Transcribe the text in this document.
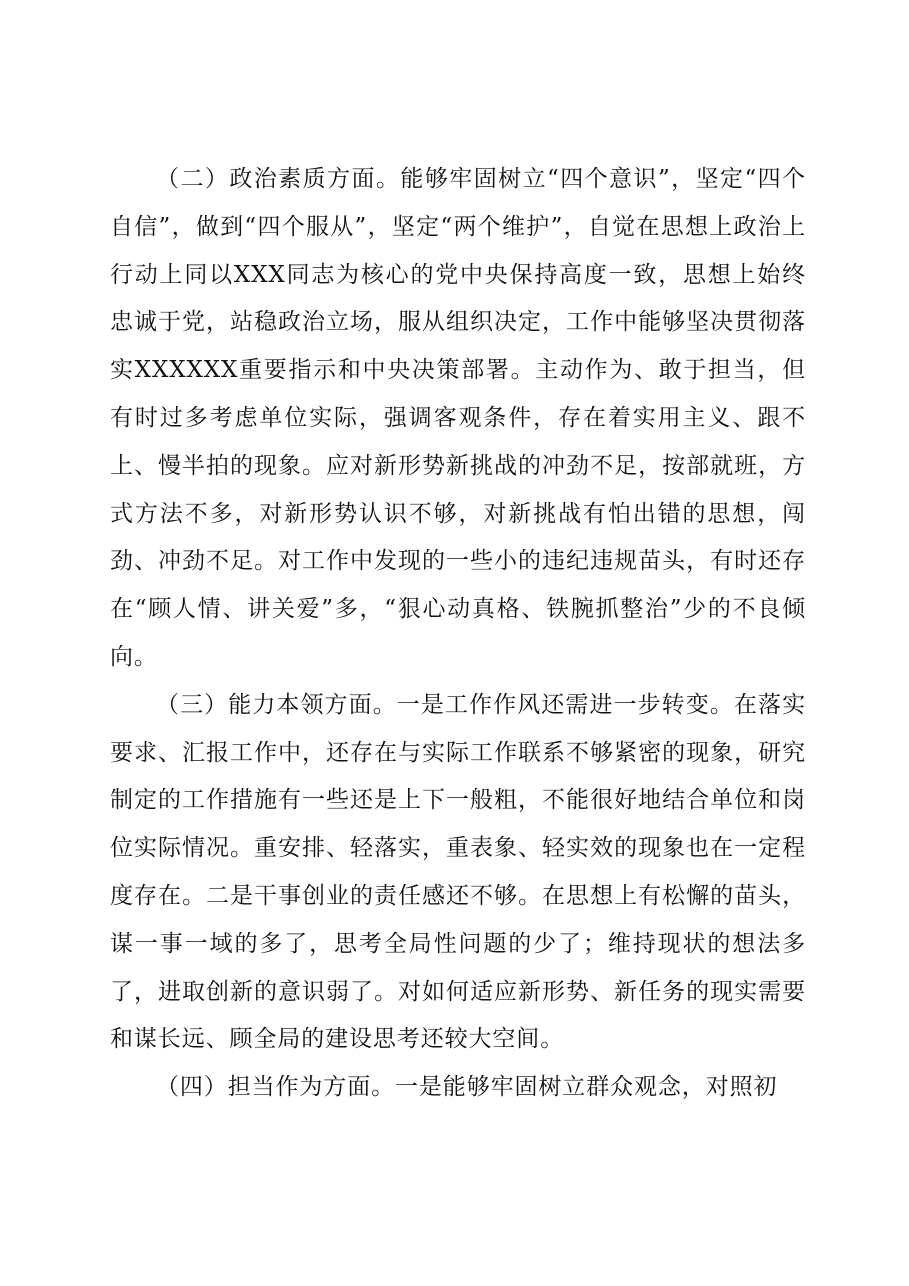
（二）政治素质方面。能够牢固树立“四个意识”，坚定“四个自信”，做到“四个服从”，坚定“两个维护”，自觉在思想上政治上行动上同以XXX同志为核心的党中央保持高度一致，思想上始终忠诚于党，站稳政治立场，服从组织决定，工作中能够坚决贯彻落实XXXXXX重要指示和中央决策部署。主动作为、敢于担当，但有时过多考虑单位实际，强调客观条件，存在着实用主义、跟不上、慢半拍的现象。应对新形势新挑战的冲劲不足，按部就班，方式方法不多，对新形势认识不够，对新挑战有怕出错的思想，闯劲、冲劲不足。对工作中发现的一些小的违纪违规苗头，有时还存在“顾人情、讲关爱”多，“狠心动真格、铁腕抓整治”少的不良倾向。

（三）能力本领方面。一是工作作风还需进一步转变。在落实要求、汇报工作中，还存在与实际工作联系不够紧密的现象，研究制定的工作措施有一些还是上下一般粗，不能很好地结合单位和岗位实际情况。重安排、轻落实，重表象、轻实效的现象也在一定程度存在。二是干事创业的责任感还不够。在思想上有松懈的苗头，谋一事一域的多了，思考全局性问题的少了；维持现状的想法多了，进取创新的意识弱了。对如何适应新形势、新任务的现实需要和谋长远、顾全局的建设思考还较大空间。

（四）担当作为方面。一是能够牢固树立群众观念，对照初
